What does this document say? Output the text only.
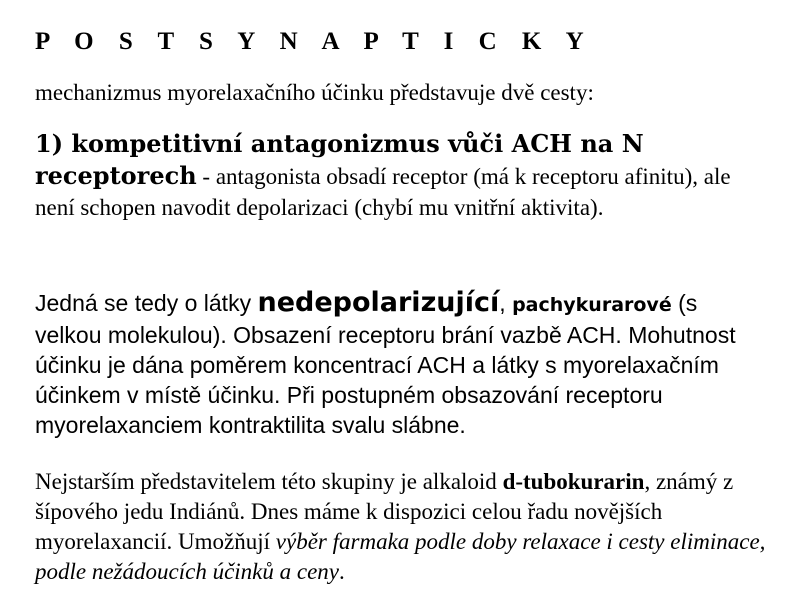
P O S T S Y N A P T I C K Y
mechanizmus myorelaxačního účinku představuje dvě cesty:
1) kompetitivní antagonizmus vůči ACH na N receptorech - antagonista obsadí receptor (má k receptoru afinitu), ale není schopen navodit depolarizaci (chybí mu vnitřní aktivita).
Jedná se tedy o látky nedepolarizující, pachykurarové (s velkou molekulou). Obsazení receptoru brání vazbě ACH. Mohutnost účinku je dána poměrem koncentrací ACH a látky s myorelaxačním účinkem v místě účinku. Při postupném obsazování receptoru myorelaxanciem kontraktilita svalu slábne.
Nejstarším představitelem této skupiny je alkaloid d-tubokurarin, známý z šípového jedu Indiánů. Dnes máme k dispozici celou řadu novějších myorelaxancií. Umožňují výběr farmaka podle doby relaxace i cesty eliminace, podle nežádoucích účinků a ceny.
